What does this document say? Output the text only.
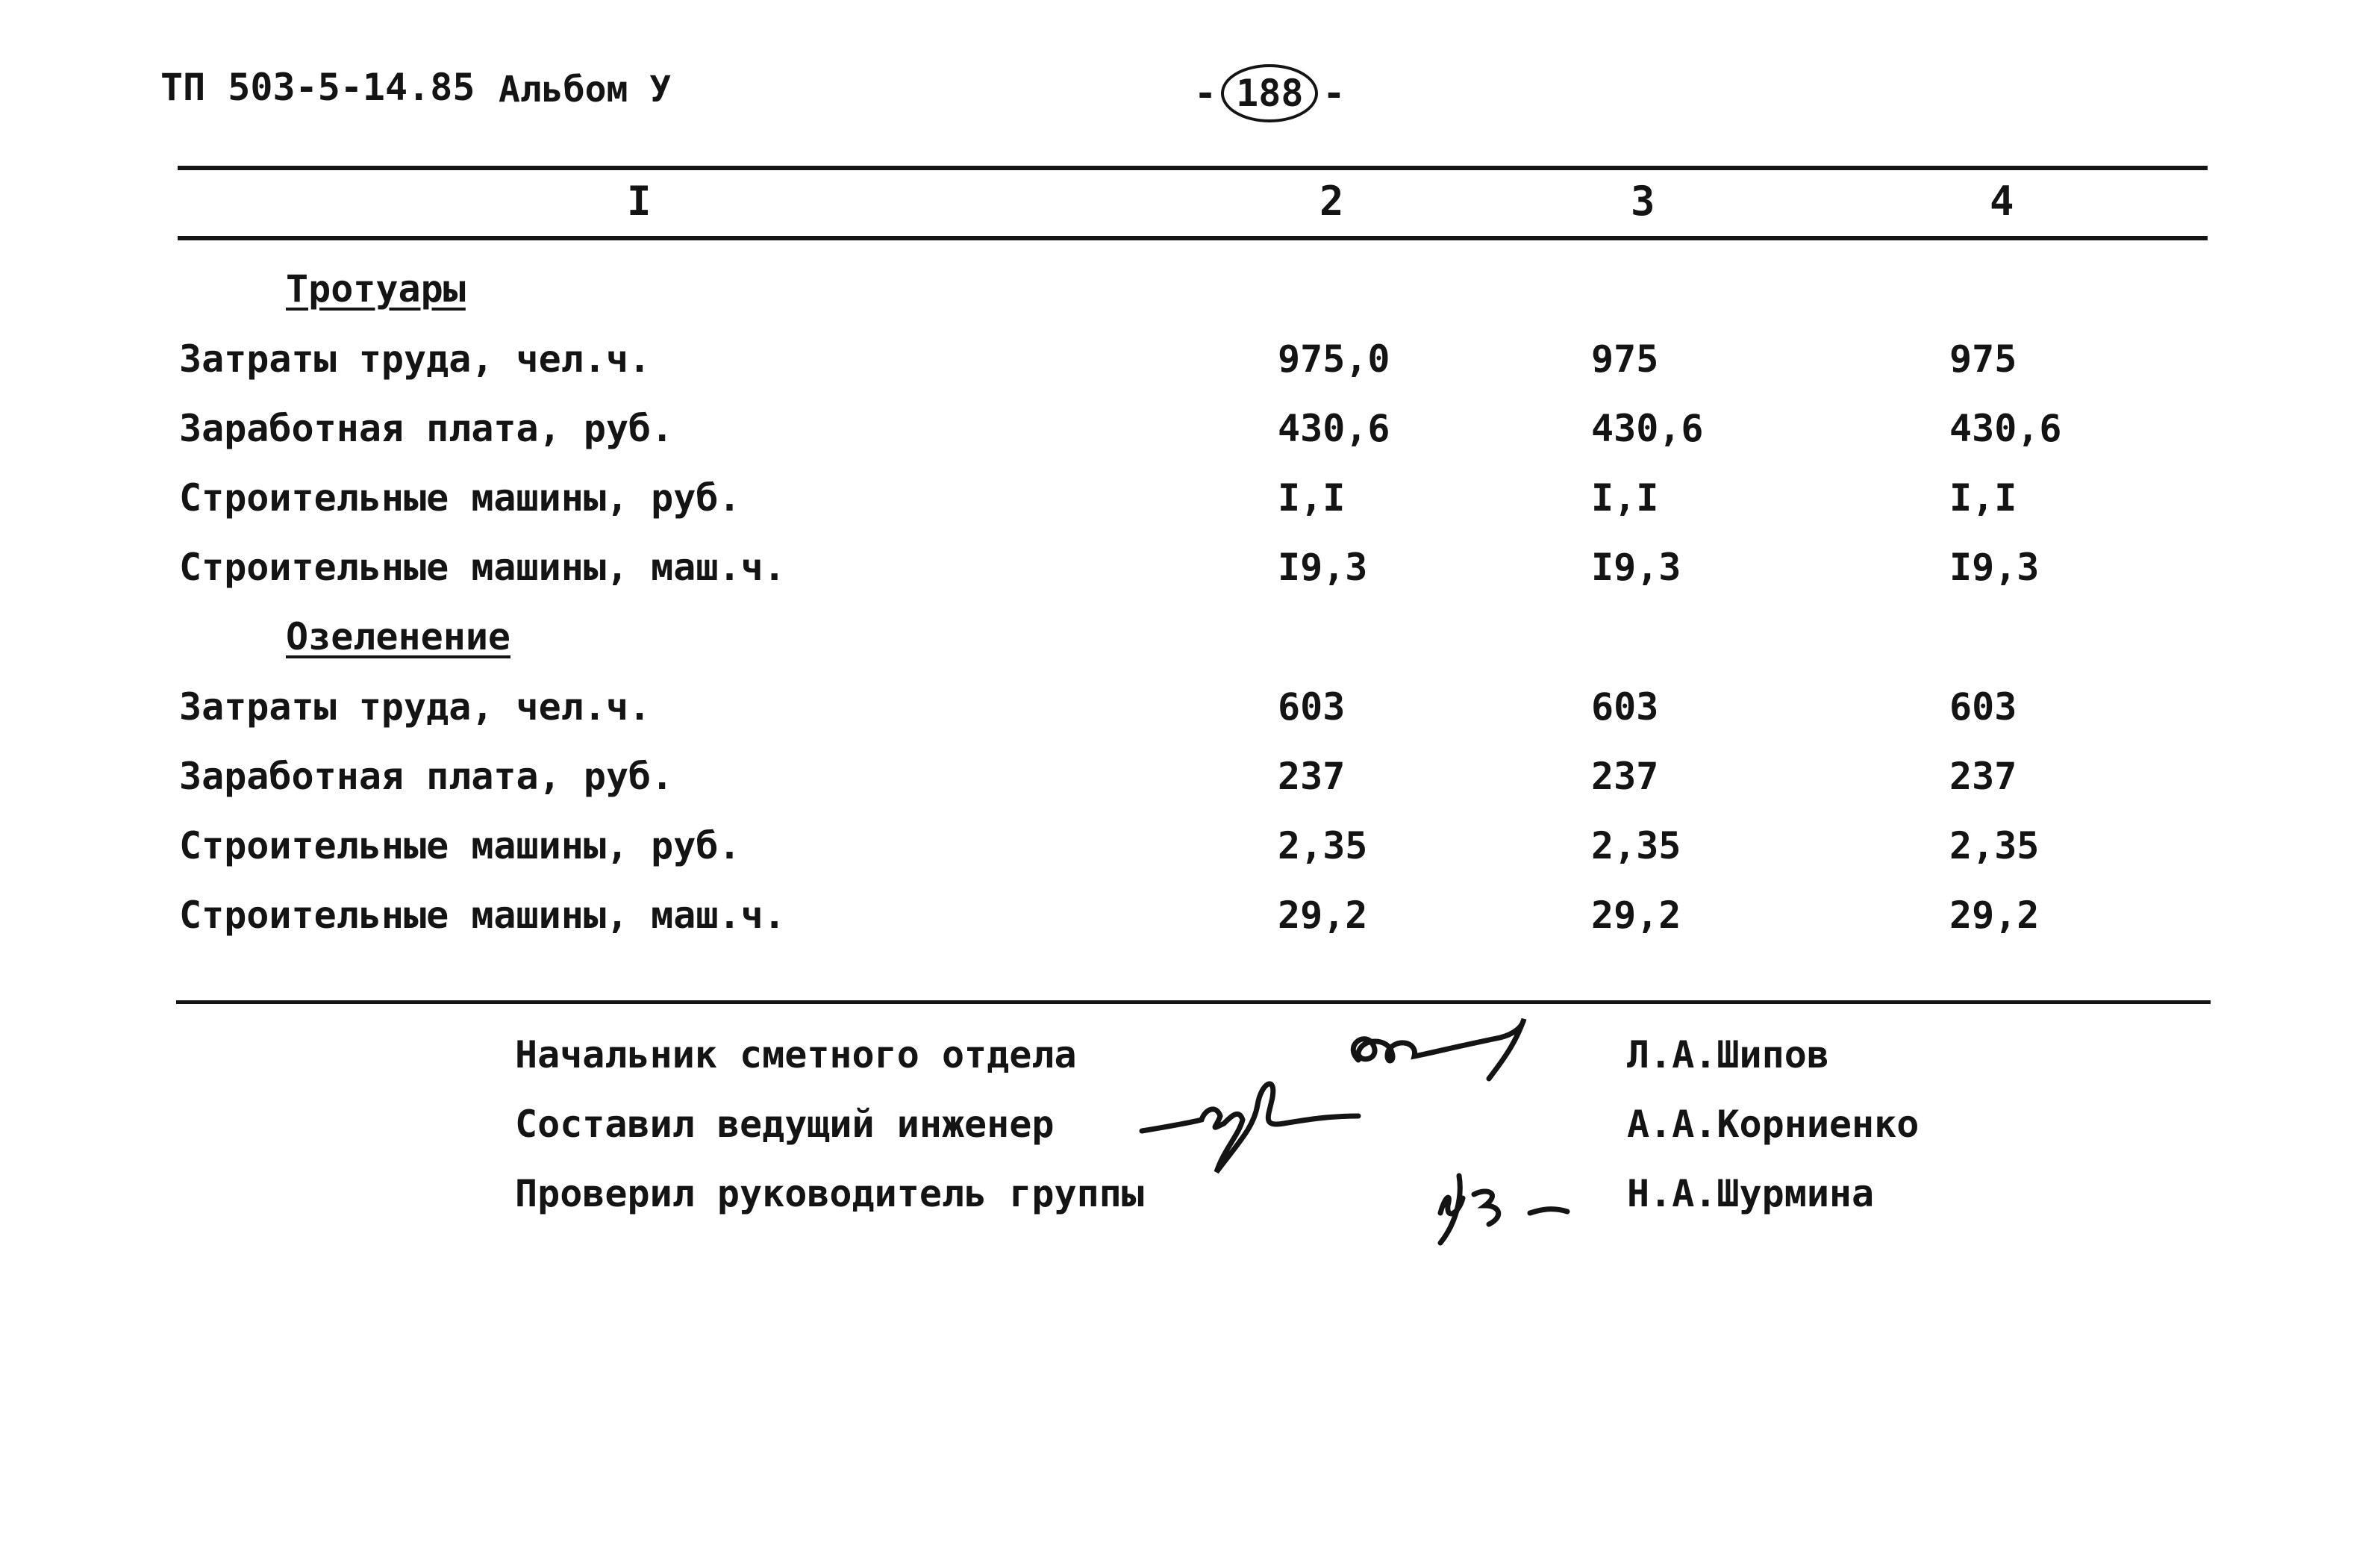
ТП 503-5-14.85 Альбом У	- 188 -
I	2	3	4
Тротуары
Затраты труда, чел.ч.	975,0	975	975
Заработная плата, руб.	430,6	430,6	430,6
Строительные машины, руб.	I,I	I,I	I,I
Строительные машины, маш.ч.	I9,3	I9,3	I9,3
Озеленение
Затраты труда, чел.ч.	603	603	603
Заработная плата, руб.	237	237	237
Строительные машины, руб.	2,35	2,35	2,35
Строительные машины, маш.ч.	29,2	29,2	29,2
Начальник сметного отдела	Л.А.Шипов
Составил ведущий инженер	А.А.Корниенко
Проверил руководитель группы	Н.А.Шурмина
